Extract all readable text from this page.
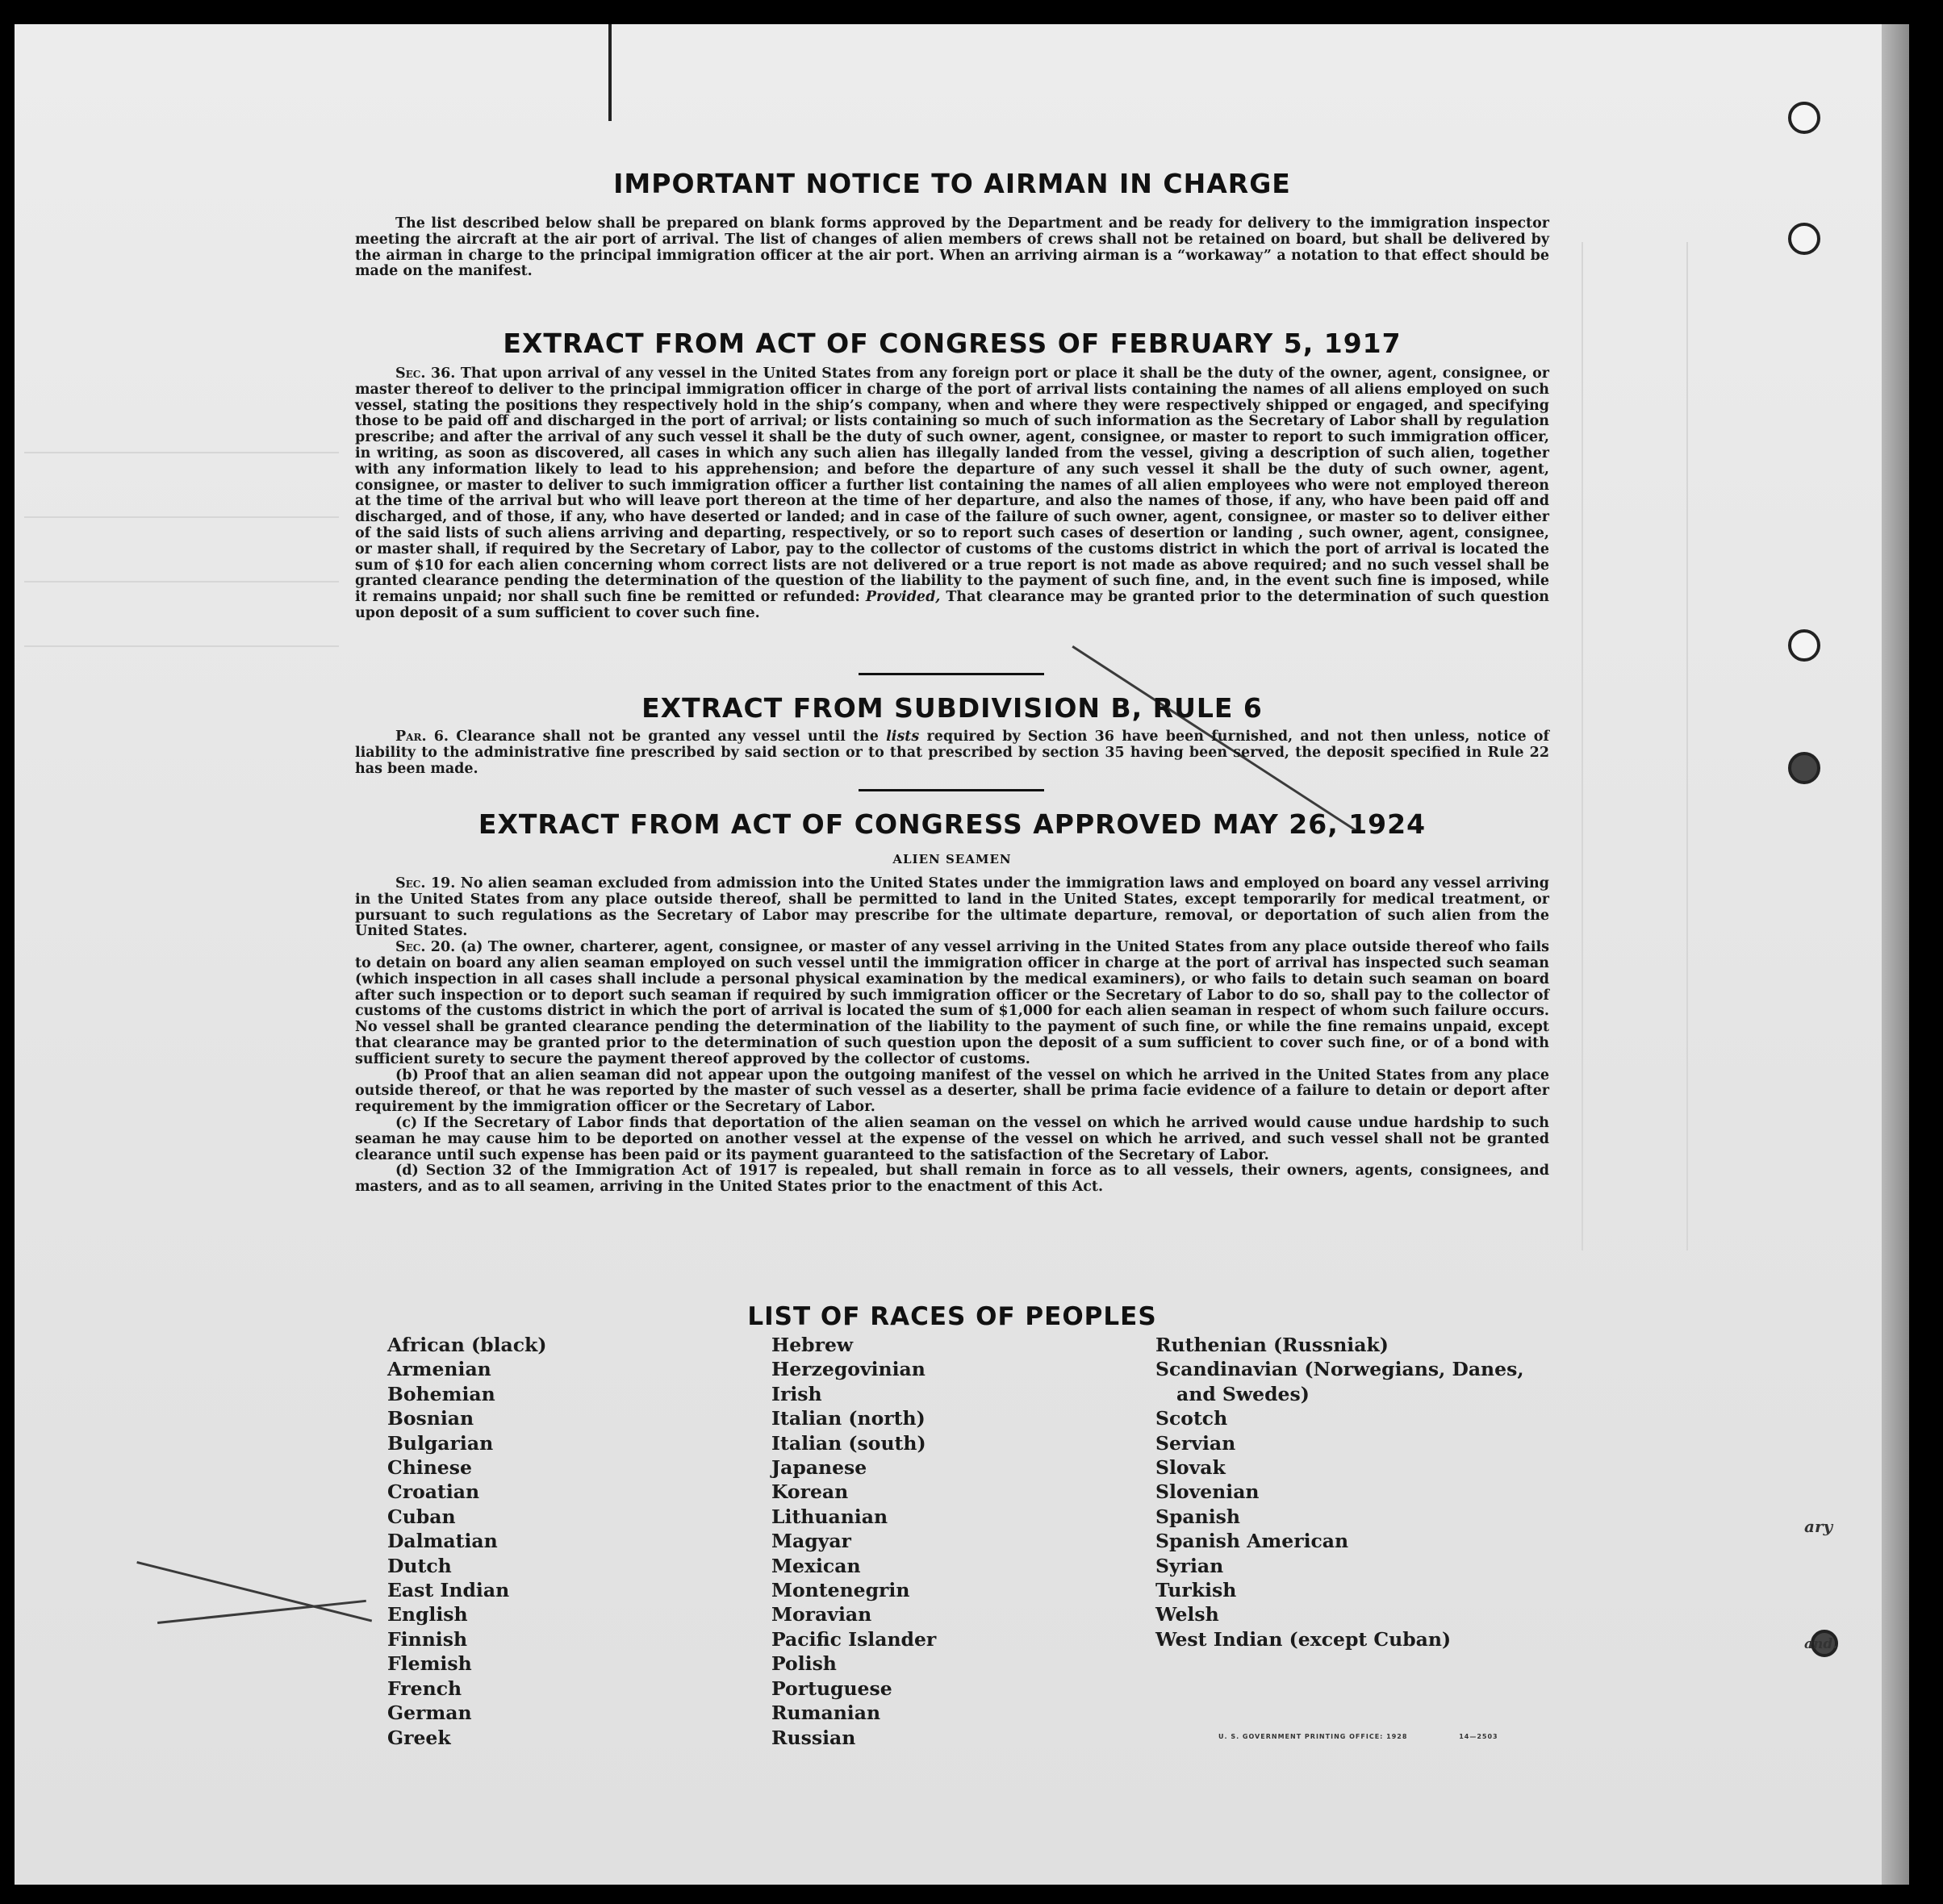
IMPORTANT NOTICE TO AIRMAN IN CHARGE

The list described below shall be prepared on blank forms approved by the Department and be ready for delivery to the immigration inspector meeting the aircraft at the air port of arrival. The list of changes of alien members of crews shall not be retained on board, but shall be delivered by the airman in charge to the principal immigration officer at the air port. When an arriving airman is a “workaway” a notation to that effect should be made on the manifest.

EXTRACT FROM ACT OF CONGRESS OF FEBRUARY 5, 1917

Sec. 36. That upon arrival of any vessel in the United States from any foreign port or place it shall be the duty of the owner, agent, consignee, or master thereof to deliver to the principal immigration officer in charge of the port of arrival lists containing the names of all aliens employed on such vessel, stating the positions they respectively hold in the ship’s company, when and where they were respectively shipped or engaged, and specifying those to be paid off and discharged in the port of arrival; or lists containing so much of such information as the Secretary of Labor shall by regulation prescribe; and after the arrival of any such vessel it shall be the duty of such owner, agent, consignee, or master to report to such immigration officer, in writing, as soon as discovered, all cases in which any such alien has illegally landed from the vessel, giving a description of such alien, together with any information likely to lead to his apprehension; and before the departure of any such vessel it shall be the duty of such owner, agent, consignee, or master to deliver to such immigration officer a further list containing the names of all alien employees who were not employed thereon at the time of the arrival but who will leave port thereon at the time of her departure, and also the names of those, if any, who have been paid off and discharged, and of those, if any, who have deserted or landed; and in case of the failure of such owner, agent, consignee, or master so to deliver either of the said lists of such aliens arriving and departing, respectively, or so to report such cases of desertion or landing , such owner, agent, consignee, or master shall, if required by the Secretary of Labor, pay to the collector of customs of the customs district in which the port of arrival is located the sum of $10 for each alien concerning whom correct lists are not delivered or a true report is not made as above required; and no such vessel shall be granted clearance pending the determination of the question of the liability to the payment of such fine, and, in the event such fine is imposed, while it remains unpaid; nor shall such fine be remitted or refunded: Provided, That clearance may be granted prior to the determination of such question upon deposit of a sum sufficient to cover such fine.

EXTRACT FROM SUBDIVISION B, RULE 6

Par. 6. Clearance shall not be granted any vessel until the lists required by Section 36 have been furnished, and not then unless, notice of liability to the administrative fine prescribed by said section or to that prescribed by section 35 having been served, the deposit specified in Rule 22 has been made.

EXTRACT FROM ACT OF CONGRESS APPROVED MAY 26, 1924
ALIEN SEAMEN

Sec. 19. No alien seaman excluded from admission into the United States under the immigration laws and employed on board any vessel arriving in the United States from any place outside thereof, shall be permitted to land in the United States, except temporarily for medical treatment, or pursuant to such regulations as the Secretary of Labor may prescribe for the ultimate departure, removal, or deportation of such alien from the United States.

Sec. 20. (a) The owner, charterer, agent, consignee, or master of any vessel arriving in the United States from any place outside thereof who fails to detain on board any alien seaman employed on such vessel until the immigration officer in charge at the port of arrival has inspected such seaman (which inspection in all cases shall include a personal physical examination by the medical examiners), or who fails to detain such seaman on board after such inspection or to deport such seaman if required by such immigration officer or the Secretary of Labor to do so, shall pay to the collector of customs of the customs district in which the port of arrival is located the sum of $1,000 for each alien seaman in respect of whom such failure occurs. No vessel shall be granted clearance pending the determination of the liability to the payment of such fine, or while the fine remains unpaid, except that clearance may be granted prior to the determination of such question upon the deposit of a sum sufficient to cover such fine, or of a bond with sufficient surety to secure the payment thereof approved by the collector of customs.

(b) Proof that an alien seaman did not appear upon the outgoing manifest of the vessel on which he arrived in the United States from any place outside thereof, or that he was reported by the master of such vessel as a deserter, shall be prima facie evidence of a failure to detain or deport after requirement by the immigration officer or the Secretary of Labor.

(c) If the Secretary of Labor finds that deportation of the alien seaman on the vessel on which he arrived would cause undue hardship to such seaman he may cause him to be deported on another vessel at the expense of the vessel on which he arrived, and such vessel shall not be granted clearance until such expense has been paid or its payment guaranteed to the satisfaction of the Secretary of Labor.

(d) Section 32 of the Immigration Act of 1917 is repealed, but shall remain in force as to all vessels, their owners, agents, consignees, and masters, and as to all seamen, arriving in the United States prior to the enactment of this Act.

LIST OF RACES OF PEOPLES
African (black)
Armenian
Bohemian
Bosnian
Bulgarian
Chinese
Croatian
Cuban
Dalmatian
Dutch
East Indian
English
Finnish
Flemish
French
German
Greek
Hebrew
Herzegovinian
Irish
Italian (north)
Italian (south)
Japanese
Korean
Lithuanian
Magyar
Mexican
Montenegrin
Moravian
Pacific Islander
Polish
Portuguese
Rumanian
Russian
Ruthenian (Russniak)
Scandinavian (Norwegians, Danes,
and Swedes)
Scotch
Servian
Slovak
Slovenian
Spanish
Spanish American
Syrian
Turkish
Welsh
West Indian (except Cuban)
U. S. GOVERNMENT PRINTING OFFICE: 1928	14—2503
ary
and.
